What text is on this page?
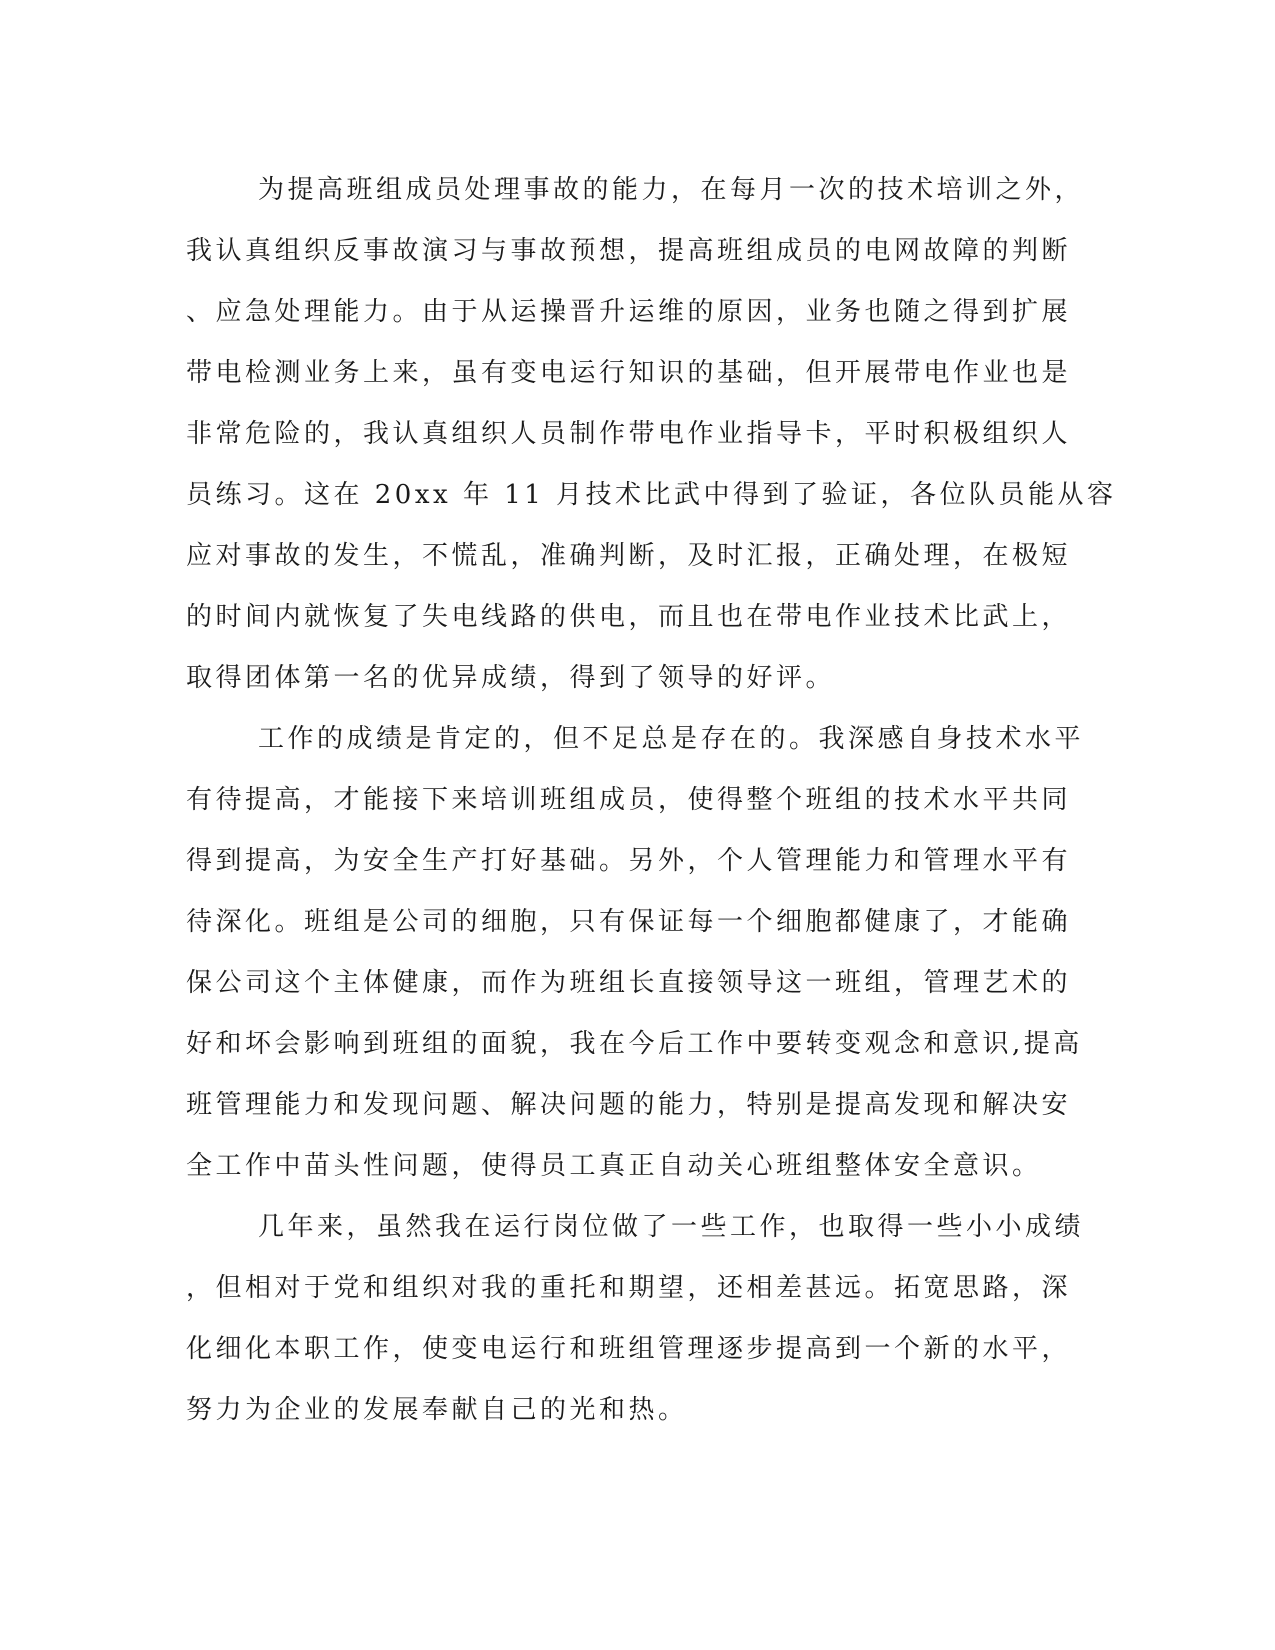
为提高班组成员处理事故的能力，在每月一次的技术培训之外，
我认真组织反事故演习与事故预想，提高班组成员的电网故障的判断
、应急处理能力。由于从运操晋升运维的原因，业务也随之得到扩展
带电检测业务上来，虽有变电运行知识的基础，但开展带电作业也是
非常危险的，我认真组织人员制作带电作业指导卡，平时积极组织人
员练习。这在 20xx 年 11 月技术比武中得到了验证，各位队员能从容
应对事故的发生，不慌乱，准确判断，及时汇报，正确处理，在极短
的时间内就恢复了失电线路的供电，而且也在带电作业技术比武上，
取得团体第一名的优异成绩，得到了领导的好评。
工作的成绩是肯定的，但不足总是存在的。我深感自身技术水平
有待提高，才能接下来培训班组成员，使得整个班组的技术水平共同
得到提高，为安全生产打好基础。另外，个人管理能力和管理水平有
待深化。班组是公司的细胞，只有保证每一个细胞都健康了，才能确
保公司这个主体健康，而作为班组长直接领导这一班组，管理艺术的
好和坏会影响到班组的面貌，我在今后工作中要转变观念和意识,提高
班管理能力和发现问题、解决问题的能力，特别是提高发现和解决安
全工作中苗头性问题，使得员工真正自动关心班组整体安全意识。
几年来，虽然我在运行岗位做了一些工作，也取得一些小小成绩
，但相对于党和组织对我的重托和期望，还相差甚远。拓宽思路，深
化细化本职工作，使变电运行和班组管理逐步提高到一个新的水平，
努力为企业的发展奉献自己的光和热。
